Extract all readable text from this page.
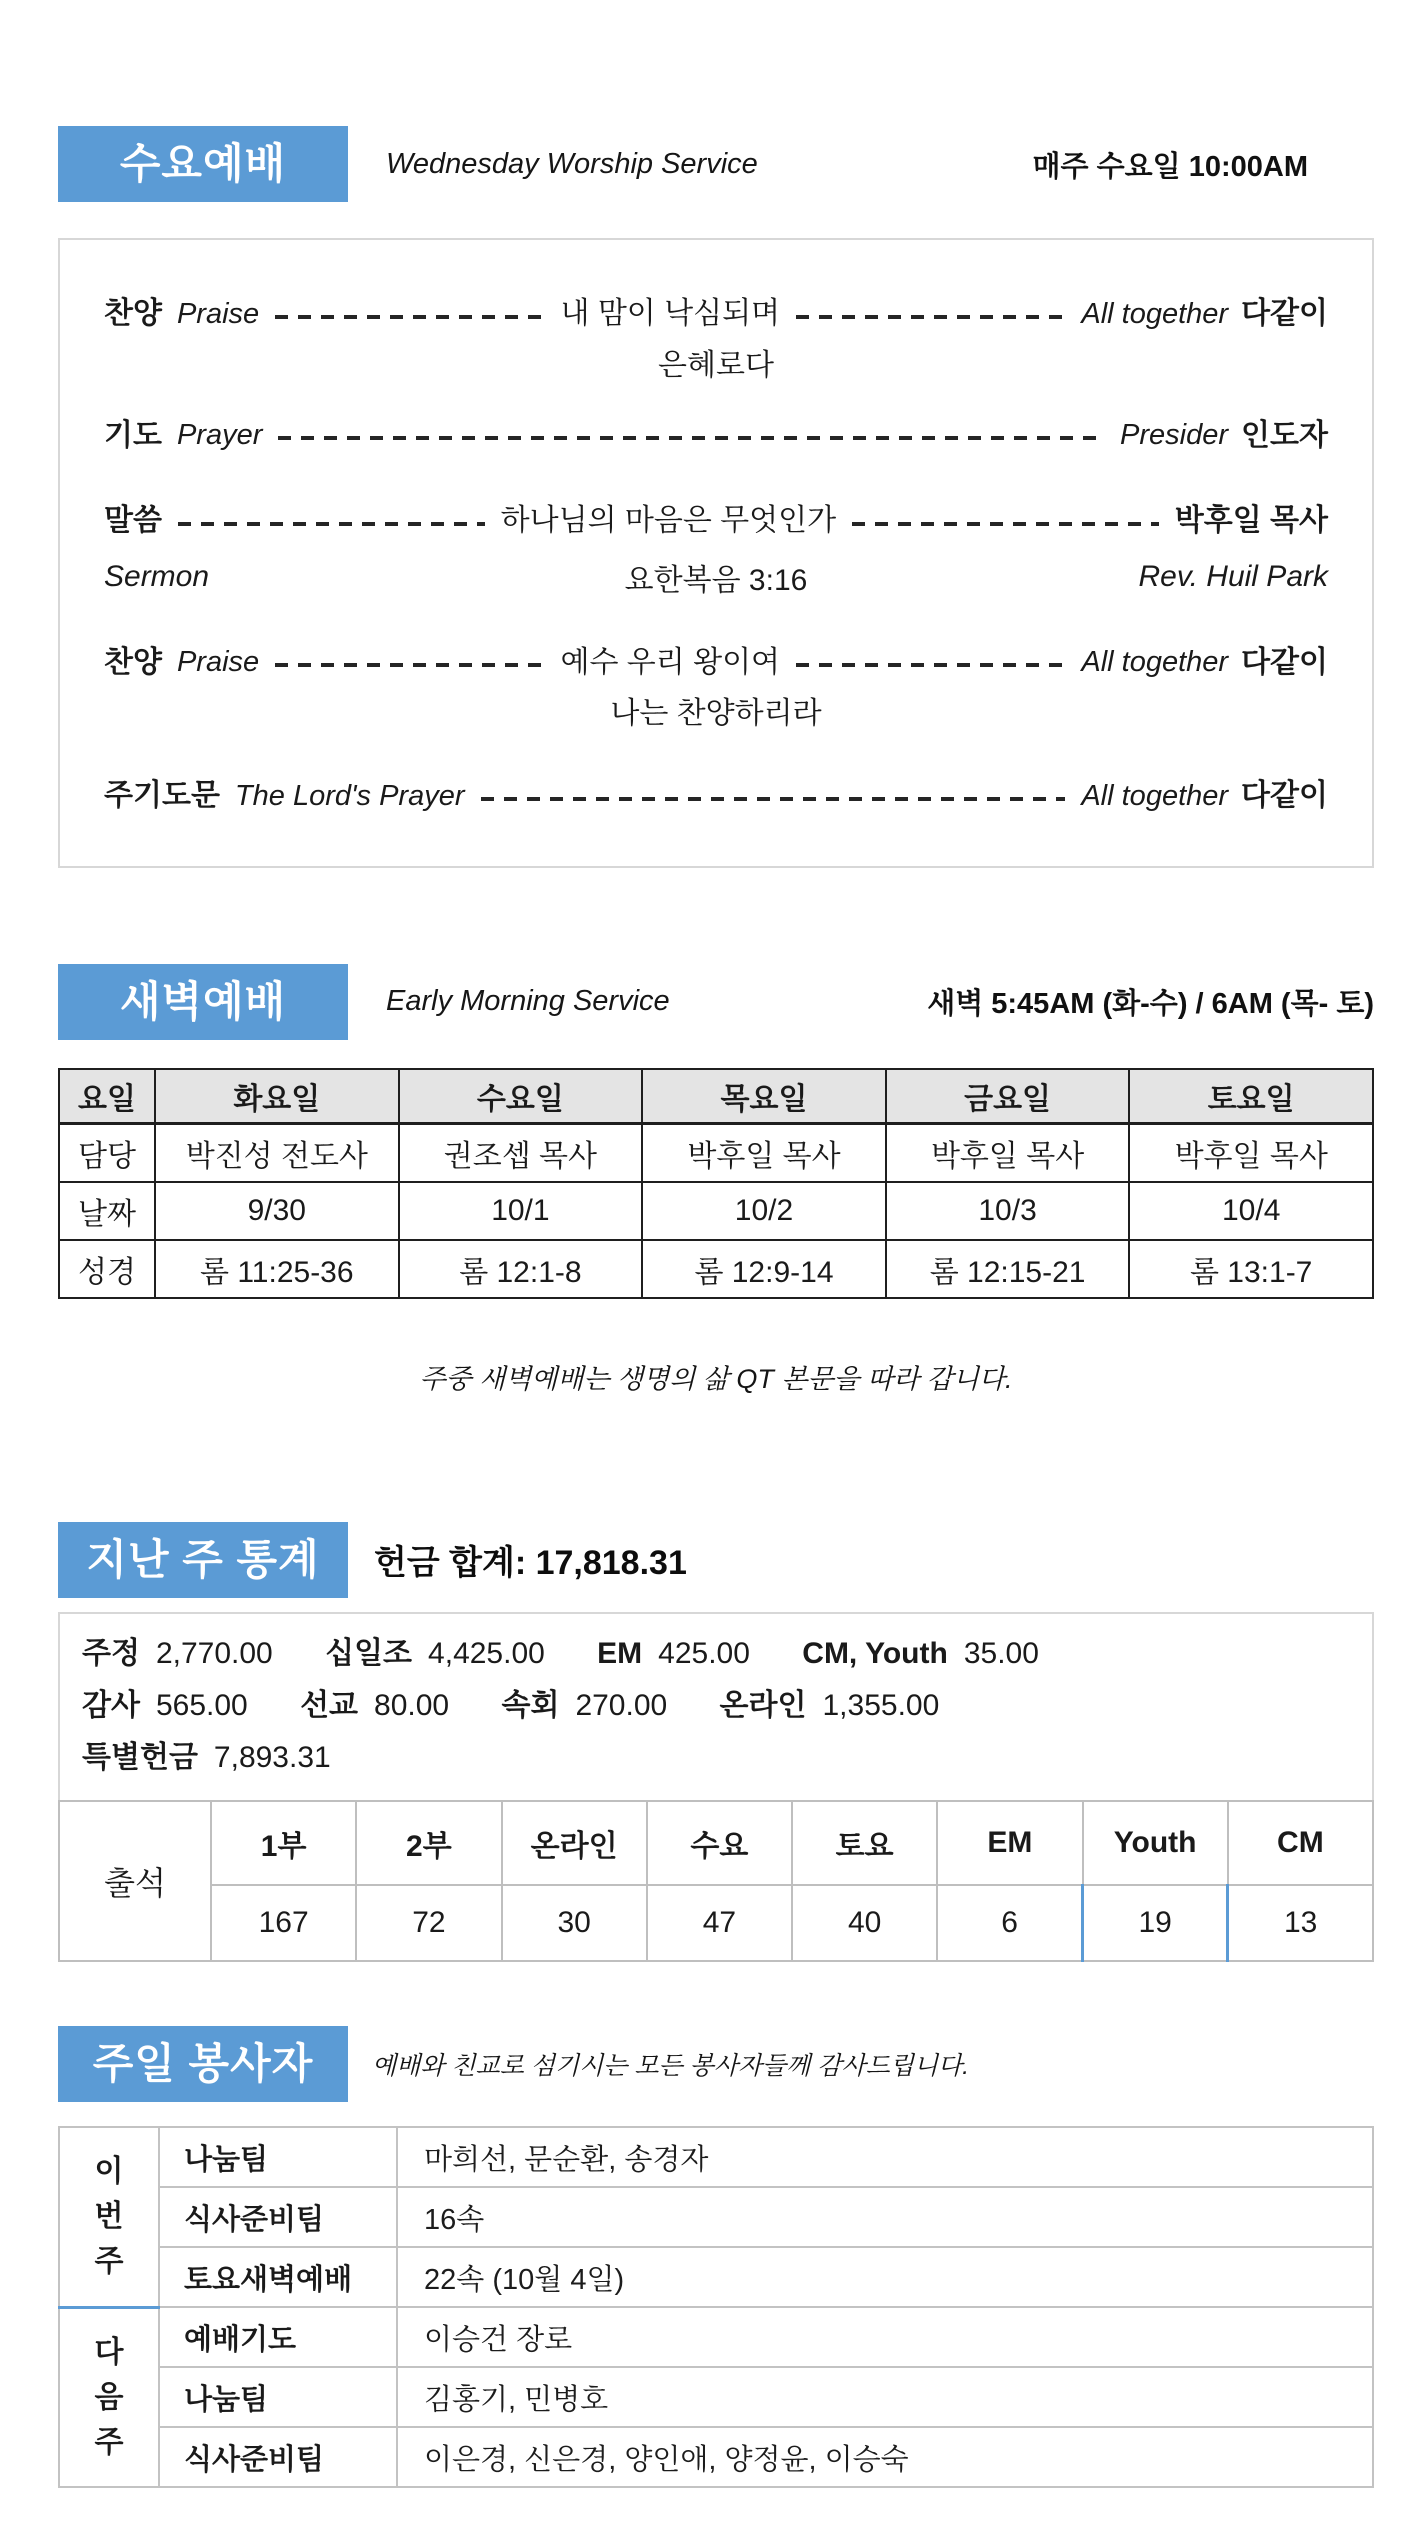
수요예배	Wednesday Worship Service	매주 수요일 10:00AM
찬양 Praise	내 맘이 낙심되며	All together 다같이
은혜로다
기도 Prayer	Presider 인도자
말씀	하나님의 마음은 무엇인가	박후일 목사
Sermon	요한복음 3:16	Rev. Huil Park
찬양 Praise	예수 우리 왕이여	All together 다같이
나는 찬양하리라
주기도문 The Lord's Prayer	All together 다같이
새벽예배	Early Morning Service	새벽 5:45AM (화-수) / 6AM (목- 토)
요일	화요일	수요일	목요일	금요일	토요일
담당	박진성 전도사	권조셉 목사	박후일 목사	박후일 목사	박후일 목사
날짜	9/30	10/1	10/2	10/3	10/4
성경	롬 11:25-36	롬 12:1-8	롬 12:9-14	롬 12:15-21	롬 13:1-7
주중 새벽예배는 생명의 삶 QT 본문을 따라 갑니다.
지난 주 통계	헌금 합계: 17,818.31
주정 2,770.00 십일조 4,425.00 EM 425.00 CM, Youth 35.00
감사 565.00 선교 80.00 속회 270.00 온라인 1,355.00
특별헌금 7,893.31
출석	1부	2부	온라인	수요	토요	EM	Youth	CM
	167	72	30	47	40	6	19	13
주일 봉사자	예배와 친교로 섬기시는 모든 봉사자들께 감사드립니다.
이번주	나눔팀	마희선, 문순환, 송경자
	식사준비팀	16속
	토요새벽예배	22속 (10월 4일)

다음주	예배기도	이승건 장로
	나눔팀	김홍기, 민병호
	식사준비팀	이은경, 신은경, 양인애, 양정윤, 이승숙
